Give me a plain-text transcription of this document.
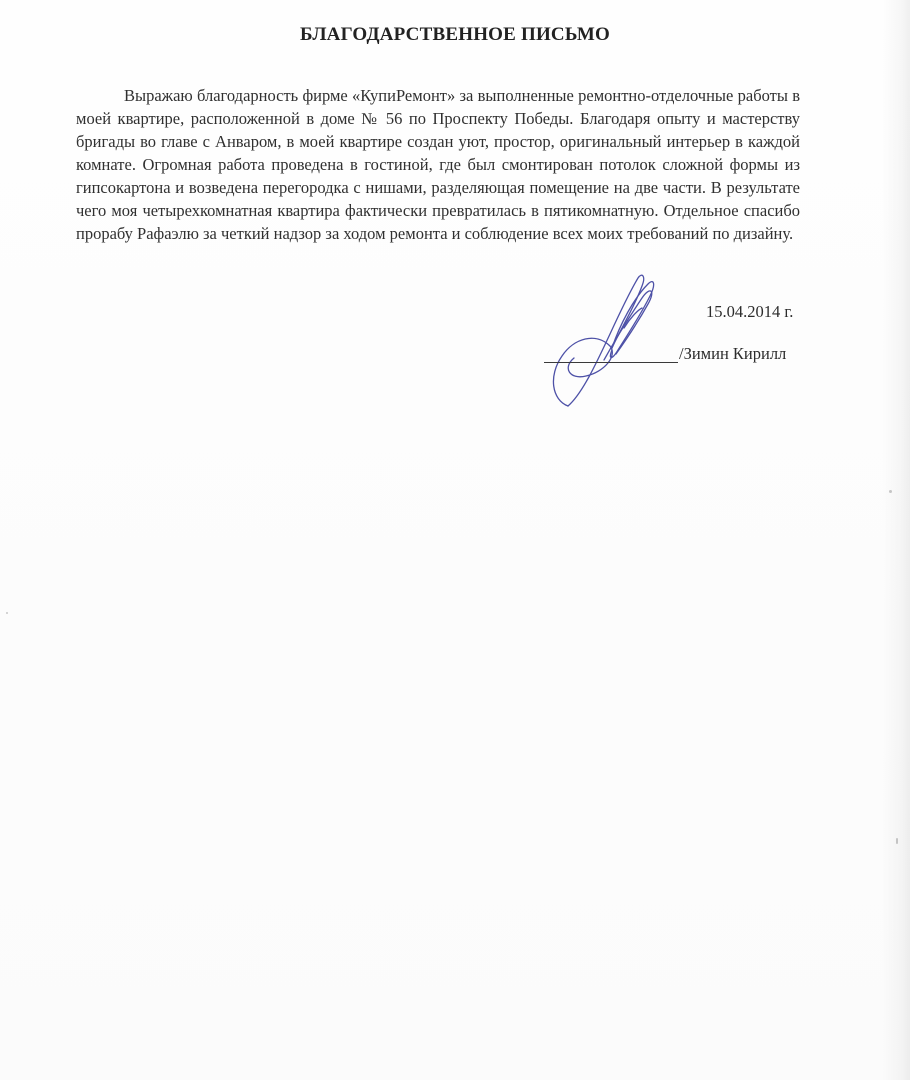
БЛАГОДАРСТВЕННОЕ ПИСЬМО

Выражаю благодарность фирме «КупиРемонт» за выполненные ремонтно-отделочные работы в моей квартире, расположенной в доме № 56 по Проспекту Победы. Благодаря опыту и мастерству бригады во главе с Анваром, в моей квартире создан уют, простор, оригинальный интерьер в каждой комнате. Огромная работа проведена в гостиной, где был смонтирован потолок сложной формы из гипсокартона и возведена перегородка с нишами, разделяющая помещение на две части. В результате чего моя четырехкомнатная квартира фактически превратилась в пятикомнатную. Отдельное спасибо прорабу Рафаэлю за четкий надзор за ходом ремонта и соблюдение всех моих требований по дизайну.

15.04.2014 г.
/Зимин Кирилл
